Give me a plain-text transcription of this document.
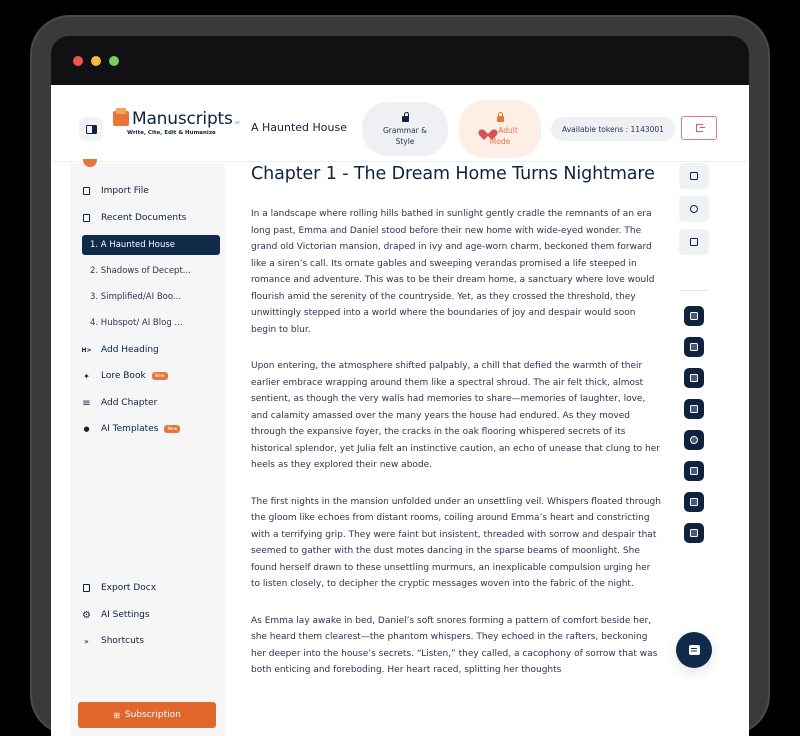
Manuscripts .ai
Write, Cite, Edit & Humanize	A Haunted House	Grammar &
Style
Adult
Mode
Available tokens : 1143001
Import File
Recent Documents
1. A Haunted House
2. Shadows of Decept...
3. Simplified/AI Boo...
4. Hubspot/ AI Blog ...
H> Add Heading
✦ Lore Book	New
≡ Add Chapter
● AI Templates	New
Export Docx
⚙ AI Settings
» Shortcuts
⊞ Subscription
Chapter 1 - The Dream Home Turns Nightmare

In a landscape where rolling hills bathed in sunlight gently cradle the remnants of an era long past, Emma and Daniel stood before their new home with wide-eyed wonder. The grand old Victorian mansion, draped in ivy and age-worn charm, beckoned them forward like a siren’s call. Its ornate gables and sweeping verandas promised a life steeped in romance and adventure. This was to be their dream home, a sanctuary where love would flourish amid the serenity of the countryside. Yet, as they crossed the threshold, they unwittingly stepped into a world where the boundaries of joy and despair would soon begin to blur.

Upon entering, the atmosphere shifted palpably, a chill that defied the warmth of their earlier embrace wrapping around them like a spectral shroud. The air felt thick, almost sentient, as though the very walls had memories to share—memories of laughter, love, and calamity amassed over the many years the house had endured. As they moved through the expansive foyer, the cracks in the oak flooring whispered secrets of its historical splendor, yet Julia felt an instinctive caution, an echo of unease that clung to her heels as they explored their new abode.

The first nights in the mansion unfolded under an unsettling veil. Whispers floated through the gloom like echoes from distant rooms, coiling around Emma’s heart and constricting with a terrifying grip. They were faint but insistent, threaded with sorrow and despair that seemed to gather with the dust motes dancing in the sparse beams of moonlight. She found herself drawn to these unsettling murmurs, an inexplicable compulsion urging her to listen closely, to decipher the cryptic messages woven into the fabric of the night.

As Emma lay awake in bed, Daniel’s soft snores forming a pattern of comfort beside her, she heard them clearest—the phantom whispers. They echoed in the rafters, beckoning her deeper into the house’s secrets. “Listen,” they called, a cacophony of sorrow that was both enticing and foreboding. Her heart raced, splitting her thoughts
